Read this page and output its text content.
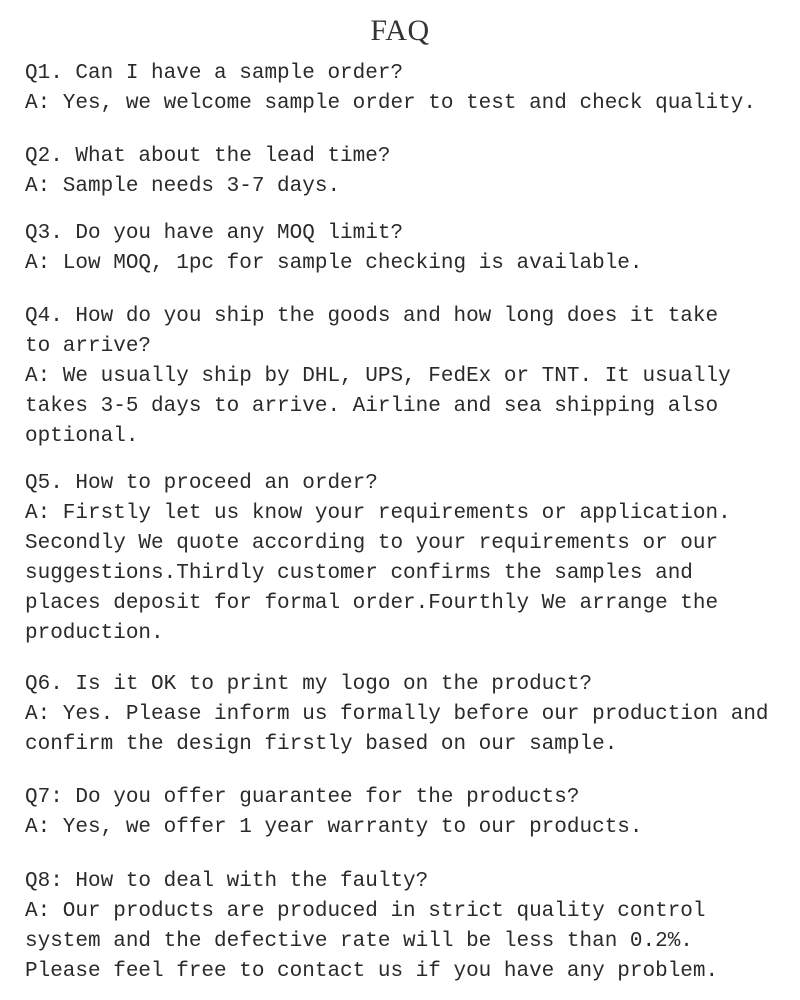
FAQ
Q1. Can I have a sample order?
A: Yes, we welcome sample order to test and check quality.
Q2. What about the lead time?
A: Sample needs 3-7 days.
Q3. Do you have any MOQ limit?
A: Low MOQ, 1pc for sample checking is available.
Q4. How do you ship the goods and how long does it take
to arrive?
A: We usually ship by DHL, UPS, FedEx or TNT. It usually
takes 3-5 days to arrive. Airline and sea shipping also
optional.
Q5. How to proceed an order?
A: Firstly let us know your requirements or application.
Secondly We quote according to your requirements or our
suggestions.Thirdly customer confirms the samples and
places deposit for formal order.Fourthly We arrange the
production.
Q6. Is it OK to print my logo on the product?
A: Yes. Please inform us formally before our production and
confirm the design firstly based on our sample.
Q7: Do you offer guarantee for the products?
A: Yes, we offer 1 year warranty to our products.
Q8: How to deal with the faulty?
A: Our products are produced in strict quality control
system and the defective rate will be less than 0.2%.
Please feel free to contact us if you have any problem.
